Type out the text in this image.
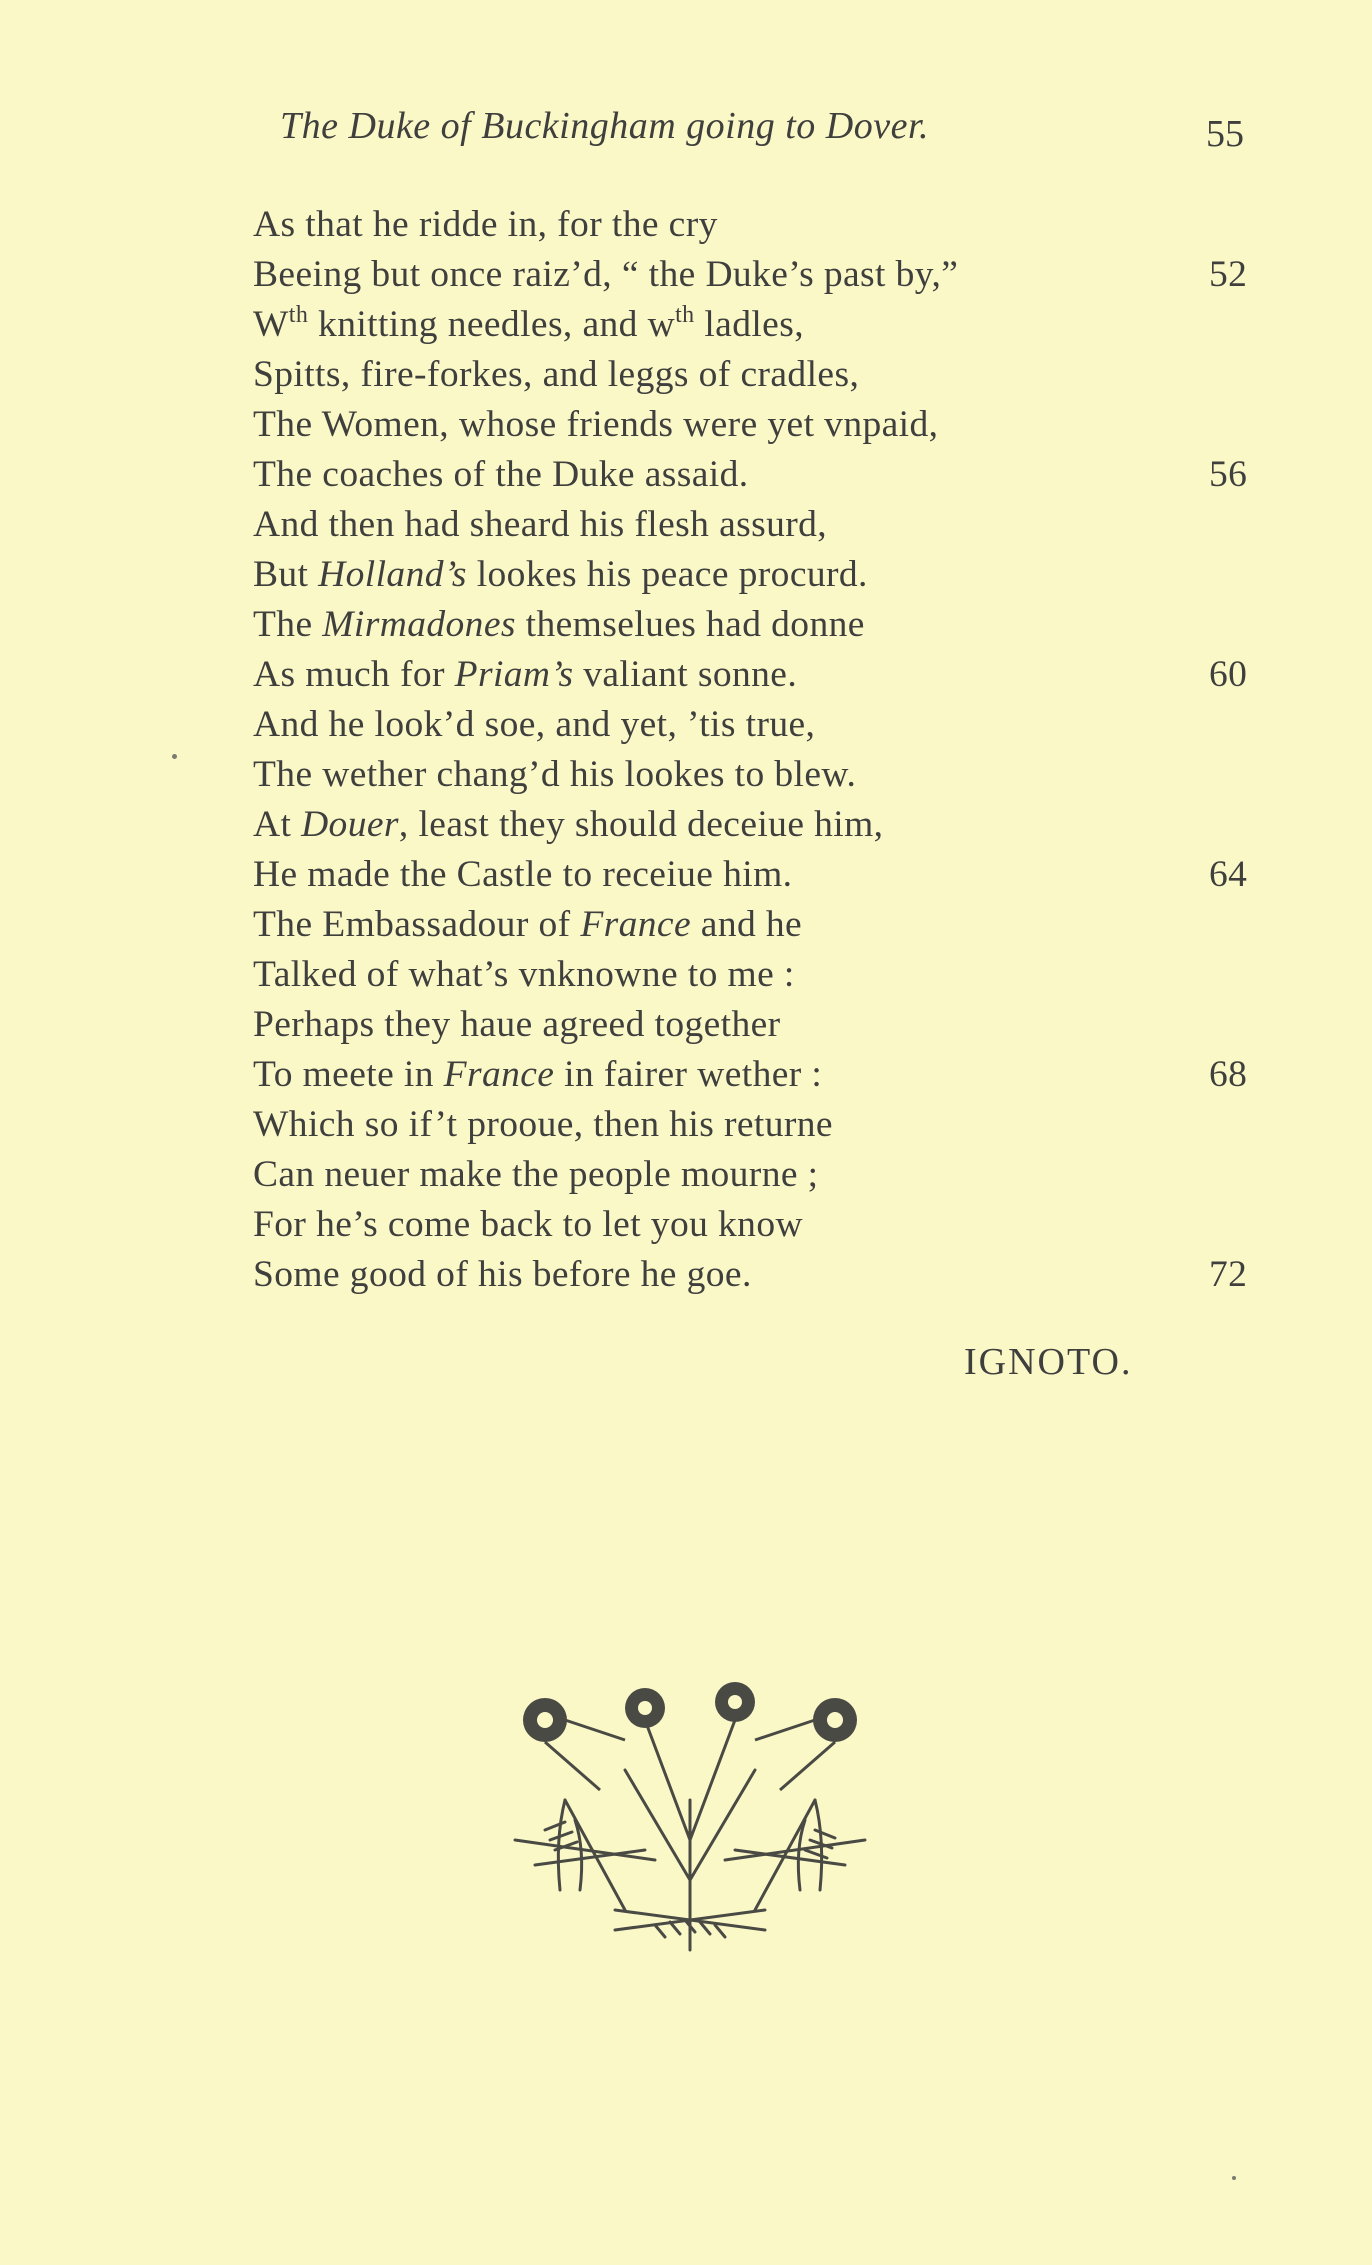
The Duke of Buckingham going to Dover.	55
As that he ridde in, for the cry
Beeing but once raiz’d, “ the Duke’s past by,”	52
$W^{th}$ knitting needles, and $w^{th}$ ladles,
Spitts, fire-forkes, and leggs of cradles,
The Women, whose friends were yet vnpaid,
The coaches of the Duke assaid.	56
And then had sheard his flesh assurd,
But Holland’s lookes his peace procurd.
The Mirmadones themselues had donne
As much for Priam’s valiant sonne.	60
And he look’d soe, and yet, ’tis true,
The wether chang’d his lookes to blew.
At Douer, least they should deceiue him,
He made the Castle to receiue him.	64
The Embassadour of France and he
Talked of what’s vnknowne to me :
Perhaps they haue agreed together
To meete in France in fairer wether :	68
Which so if’t prooue, then his returne
Can neuer make the people mourne ;
For he’s come back to let you know
Some good of his before he goe.	72
IGNOTO.
